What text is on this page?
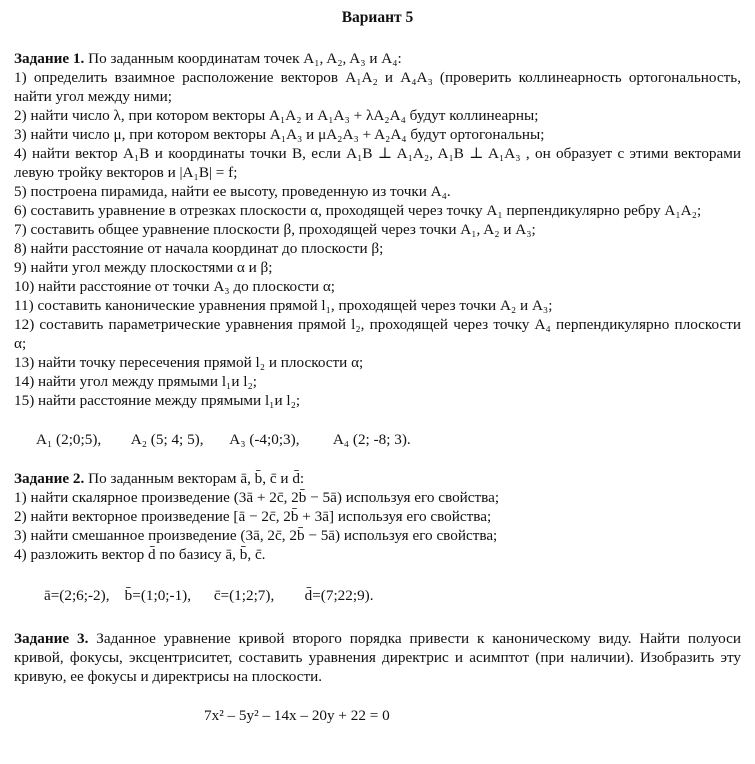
Вариант 5

Задание 1. По заданным координатам точек A₁, A₂, A₃ и A₄:

1) определить взаимное расположение векторов A₁A₂ и A₄A₃ (проверить коллинеарность ортогональность, найти угол между ними;

2) найти число λ, при котором векторы A₁A₂ и A₁A₃ + λA₂A₄ будут коллинеарны;

3) найти число μ, при котором векторы A₁A₃ и μA₂A₃ + A₂A₄ будут ортогональны;

4) найти вектор A₁B и координаты точки B, если A₁B ⊥ A₁A₂, A₁B ⊥ A₁A₃ , он образует с этими векторами левую тройку векторов и |A₁B| = f;

5) построена пирамида, найти ее высоту, проведенную из точки A₄.

6) составить уравнение в отрезках плоскости α, проходящей через точку A₁ перпендикулярно ребру A₁A₂;

7) составить общее уравнение плоскости β, проходящей через точки A₁, A₂ и A₃;

8) найти расстояние от начала координат до плоскости β;

9) найти угол между плоскостями α и β;

10) найти расстояние от точки A₃ до плоскости α;

11) составить канонические уравнения прямой l₁, проходящей через точки A₂ и A₃;

12) составить параметрические уравнения прямой l₂, проходящей через точку A₄ перпендикулярно плоскости α;

13) найти точку пересечения прямой l₂ и плоскости α;

14) найти угол между прямыми l₁и l₂;

15) найти расстояние между прямыми l₁и l₂;

A₁ (2;0;5),        A₂ (5; 4; 5),       A₃ (-4;0;3),         A₄ (2; -8; 3).

Задание 2. По заданным векторам ā, b̄, c̄ и d̄:

1) найти скалярное произведение (3ā + 2c̄, 2b̄ − 5ā) используя его свойства;

2) найти векторное произведение [ā − 2c̄, 2b̄ + 3ā] используя его свойства;

3) найти смешанное произведение (3ā, 2c̄, 2b̄ − 5ā) используя его свойства;

4) разложить вектор d̄ по базису ā, b̄, c̄.

ā=(2;6;-2),    b̄=(1;0;-1),      c̄=(1;2;7),        d̄=(7;22;9).

Задание 3. Заданное уравнение кривой второго порядка привести к каноническому виду. Найти полуоси кривой, фокусы, эксцентриситет, составить уравнения директрис и асимптот (при наличии). Изобразить эту кривую, ее фокусы и директрисы на плоскости.

7x² – 5y² – 14x – 20y + 22 = 0
